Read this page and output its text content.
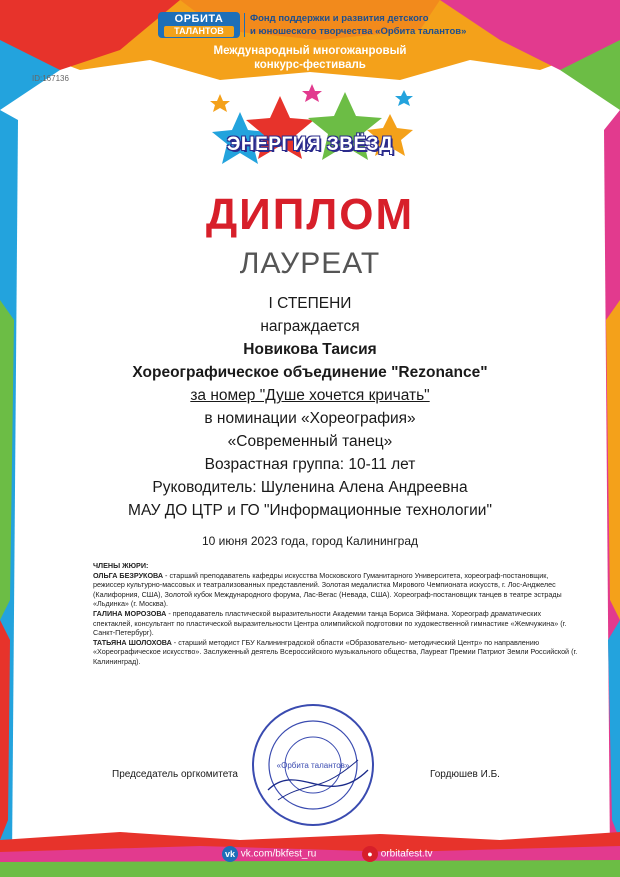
ОРБИТА
ТАЛАНТОВ
Фонд поддержки и развития детского
и юношеского творчества «Орбита талантов»
Международный многожанровый
конкурс-фестиваль
ID:167136
ЭНЕРГИЯ ЗВЁЗД
ДИПЛОМ
ЛАУРЕАТ
I СТЕПЕНИ
награждается
Новикова Таисия
Хореографическое объединение "Rezonance"
за номер "Душе хочется кричать"
в номинации «Хореография»
«Современный танец»
Возрастная группа: 10-11 лет
Руководитель: Шуленина Алена Андреевна
МАУ ДО ЦТР и ГО "Информационные технологии"
10 июня 2023 года, город Калининград

ЧЛЕНЫ ЖЮРИ:

ОЛЬГА БЕЗРУКОВА - старший преподаватель кафедры искусства Московского Гуманитарного Университета, хореограф-постановщик, режиссер культурно-массовых и театрализованных представлений. Золотая медалистка Мирового Чемпионата искусств, г. Лос-Анджелес (Калифорния, США), Золотой кубок Международного форума, Лас-Вегас (Невада, США). Хореограф-постановщик танцев в театре эстрады «Льдинка» (г. Москва).

ГАЛИНА МОРОЗОВА - преподаватель пластической выразительности Академии танца Бориса Эйфмана. Хореограф драматических спектаклей, консультант по пластической выразительности Центра олимпийской подготовки по художественной гимнастике «Жемчужина» (г. Санкт-Петербург).

ТАТЬЯНА ШОЛОХОВА - старший методист ГБУ Калининградской области «Образовательно- методический Центр» по направлению «Хореографическое искусство». Заслуженный деятель Всероссийского музыкального общества, Лауреат Премии Патриот Земли Российской (г. Калининград).

«Орбита талантов»
Председатель оргкомитета	Гордюшев И.Б.
vk vk.com/bkfest_ru	● orbitafest.tv
